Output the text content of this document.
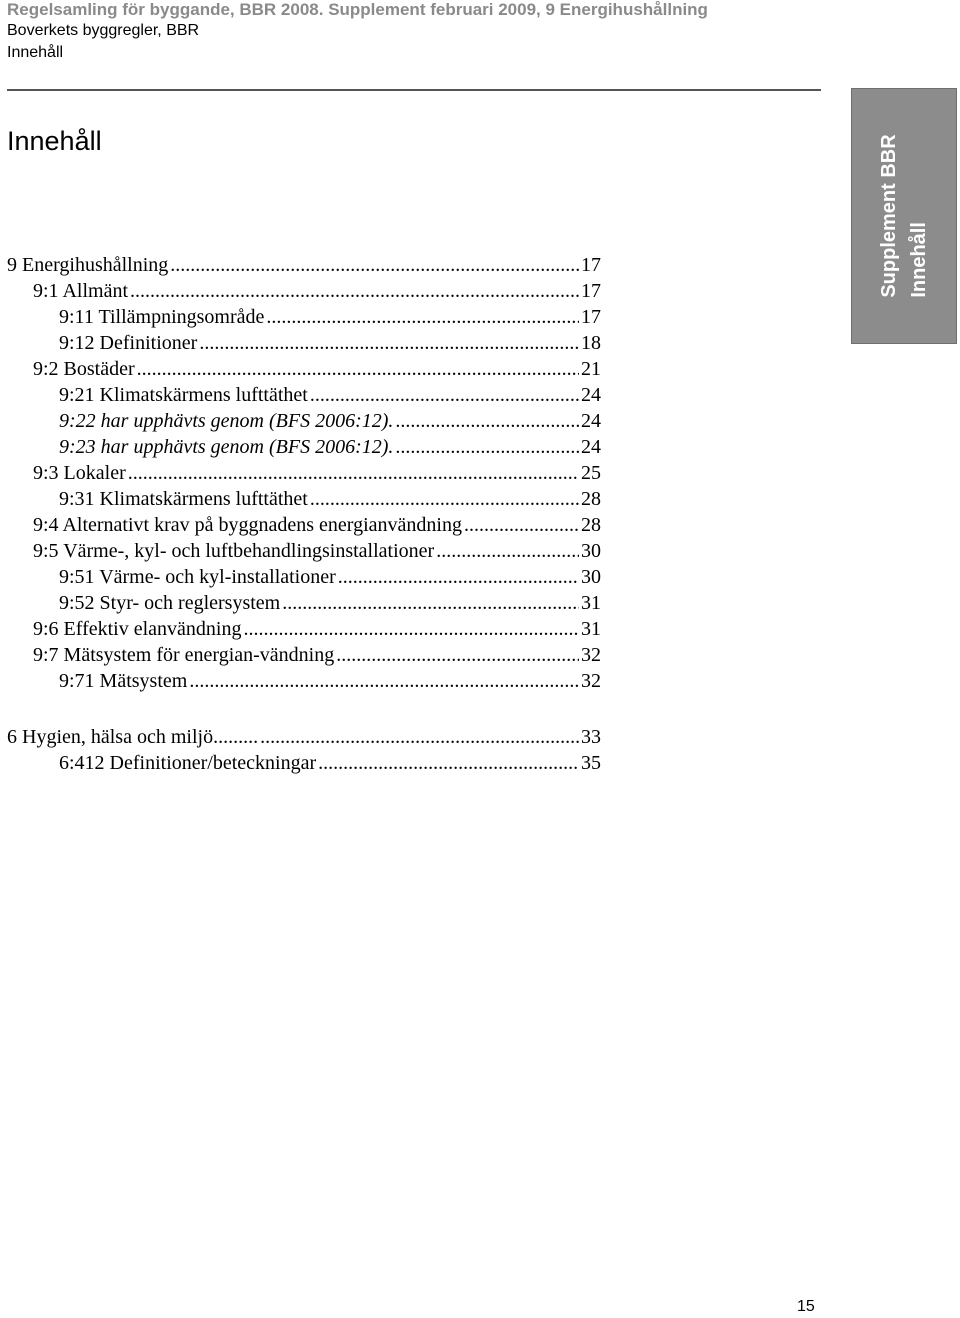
Regelsamling för byggande, BBR 2008. Supplement februari 2009, 9 Energihushållning
Boverkets byggregler, BBR
Innehåll
Supplement BBR Innehåll
Innehåll
9 Energihushållning .....	17
9:1 Allmänt .....	17
9:11 Tillämpningsområde .....	17
9:12 Definitioner .....	18
9:2 Bostäder .....	21
9:21 Klimatskärmens lufttäthet .....	24
9:22 har upphävts genom (BFS 2006:12). .....	24
9:23 har upphävts genom (BFS 2006:12). .....	24
9:3 Lokaler .....	25
9:31 Klimatskärmens lufttäthet .....	28
9:4 Alternativt krav på byggnadens energianvändning .....	28
9:5 Värme-, kyl- och luftbehandlingsinstallationer .....	30
9:51 Värme- och kyl-installationer .....	30
9:52 Styr- och reglersystem .....	31
9:6 Effektiv elanvändning .....	31
9:7 Mätsystem för energian-vändning .....	32
9:71 Mätsystem .....	32
6 Hygien, hälsa och miljö......... .....	33
6:412 Definitioner/beteckningar .....	35
15
